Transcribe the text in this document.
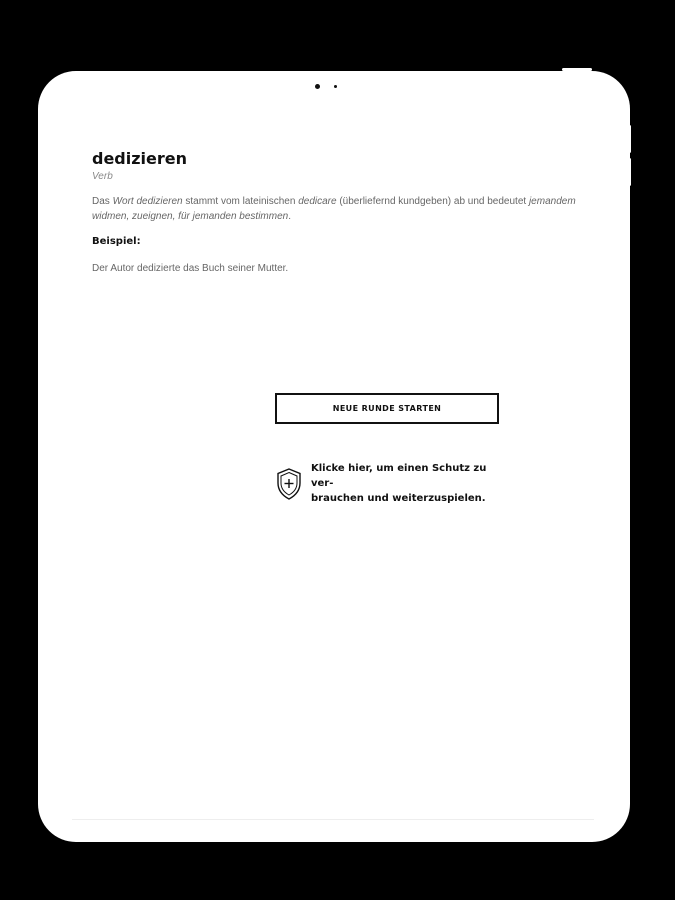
dedizieren
Verb
Das Wort dedizieren stammt vom lateinischen dedicare (überliefernd kundgeben) ab und bedeutet jemandem widmen, zueignen, für jemanden bestimmen.
Beispiel:
Der Autor dedizierte das Buch seiner Mutter.
NEUE RUNDE STARTEN
Klicke hier, um einen Schutz zu ver-
brauchen und weiterzuspielen.
